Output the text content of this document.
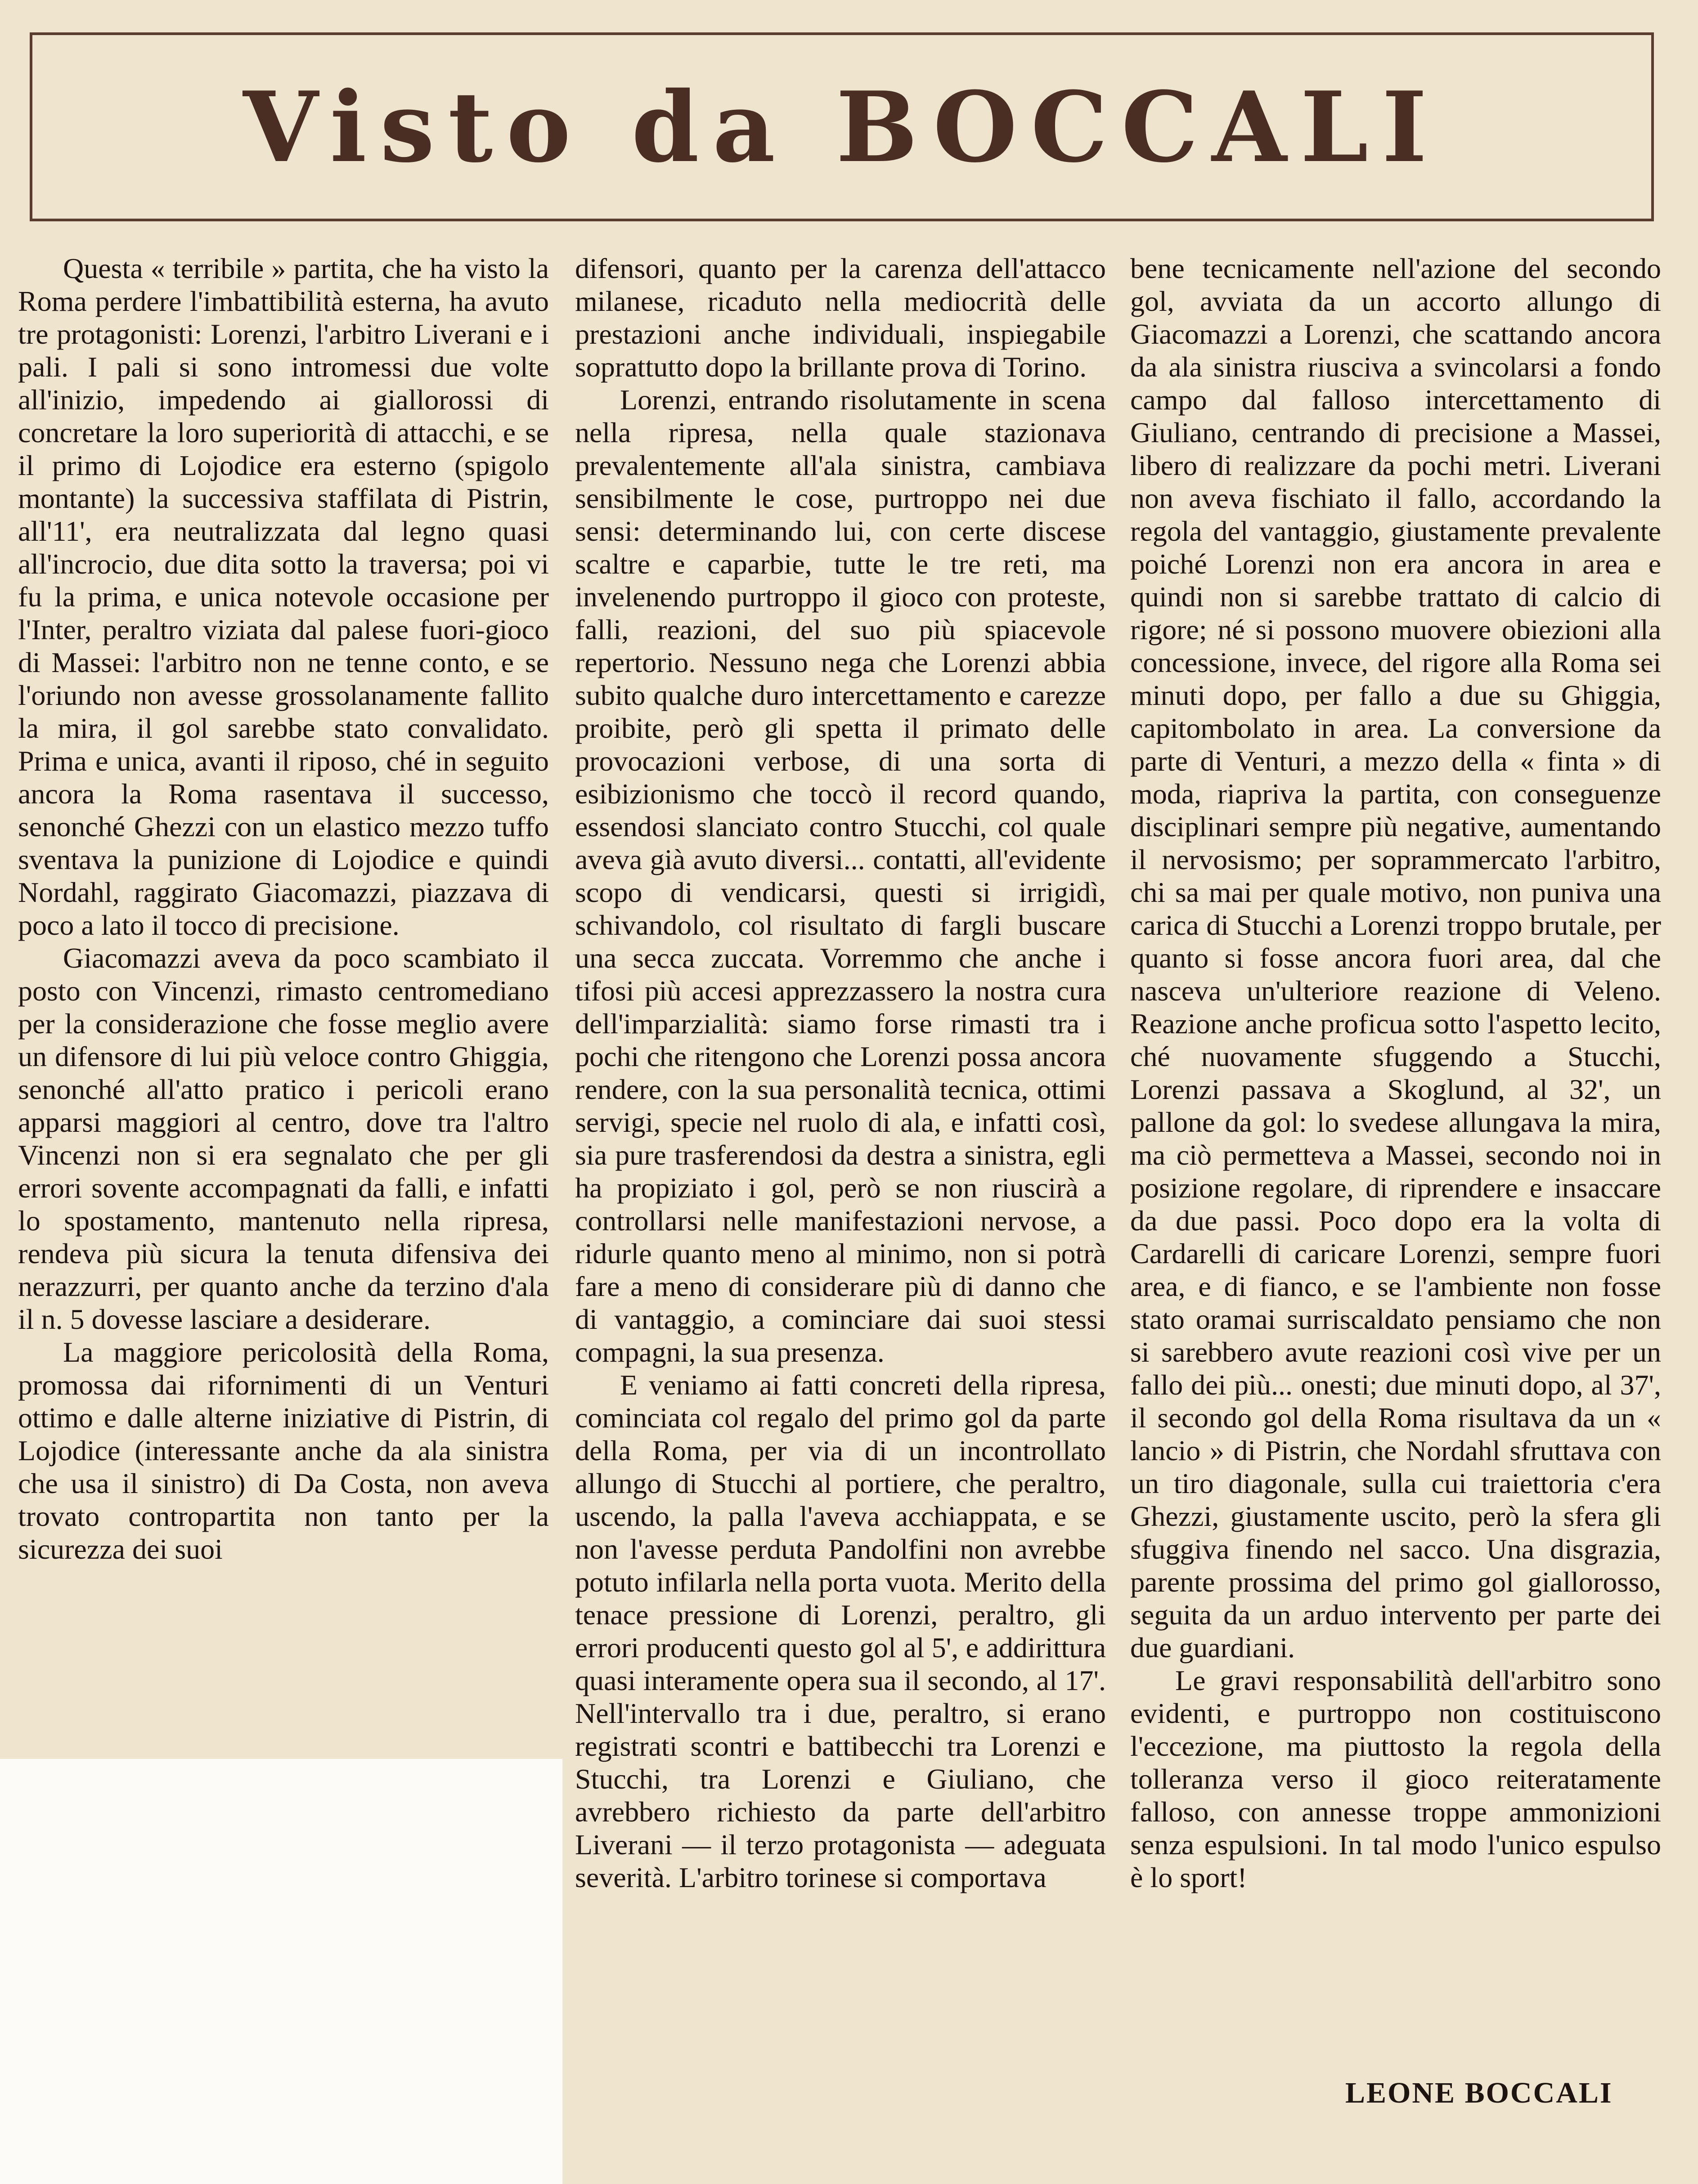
Visto da BOCCALI

Questa « terribile » partita, che ha visto la Roma perdere l'imbattibilità esterna, ha avuto tre protagonisti: Lorenzi, l'arbitro Liverani e i pali. I pali si sono intromessi due volte all'inizio, impedendo ai giallorossi di concretare la loro superiorità di attacchi, e se il primo di Lojodice era esterno (spigolo montante) la successiva staffilata di Pistrin, all'11', era neutralizzata dal legno quasi all'incrocio, due dita sotto la traversa; poi vi fu la prima, e unica notevole occasione per l'Inter, peraltro viziata dal palese fuori-gioco di Massei: l'arbitro non ne tenne conto, e se l'oriundo non avesse grossolanamente fallito la mira, il gol sarebbe stato convalidato. Prima e unica, avanti il riposo, ché in seguito ancora la Roma rasentava il successo, senonché Ghezzi con un elastico mezzo tuffo sventava la punizione di Lojodice e quindi Nordahl, raggirato Giacomazzi, piazzava di poco a lato il tocco di precisione.

Giacomazzi aveva da poco scambiato il posto con Vincenzi, rimasto centromediano per la considerazione che fosse meglio avere un difensore di lui più veloce contro Ghiggia, senonché all'atto pratico i pericoli erano apparsi maggiori al centro, dove tra l'altro Vincenzi non si era segnalato che per gli errori sovente accompagnati da falli, e infatti lo spostamento, mantenuto nella ripresa, rendeva più sicura la tenuta difensiva dei nerazzurri, per quanto anche da terzino d'ala il n. 5 dovesse lasciare a desiderare.

La maggiore pericolosità della Roma, promossa dai rifornimenti di un Venturi ottimo e dalle alterne iniziative di Pistrin, di Lojodice (interessante anche da ala sinistra che usa il sinistro) di Da Costa, non aveva trovato contropartita non tanto per la sicurezza dei suoi

difensori, quanto per la carenza dell'attacco milanese, ricaduto nella mediocrità delle prestazioni anche individuali, inspiegabile soprattutto dopo la brillante prova di Torino.

Lorenzi, entrando risolutamente in scena nella ripresa, nella quale stazionava prevalentemente all'ala sinistra, cambiava sensibilmente le cose, purtroppo nei due sensi: determinando lui, con certe discese scaltre e caparbie, tutte le tre reti, ma invelenendo purtroppo il gioco con proteste, falli, reazioni, del suo più spiacevole repertorio. Nessuno nega che Lorenzi abbia subito qualche duro intercettamento e carezze proibite, però gli spetta il primato delle provocazioni verbose, di una sorta di esibizionismo che toccò il record quando, essendosi slanciato contro Stucchi, col quale aveva già avuto diversi... contatti, all'evidente scopo di vendicarsi, questi si irrigidì, schivandolo, col risultato di fargli buscare una secca zuccata. Vorremmo che anche i tifosi più accesi apprezzassero la nostra cura dell'imparzialità: siamo forse rimasti tra i pochi che ritengono che Lorenzi possa ancora rendere, con la sua personalità tecnica, ottimi servigi, specie nel ruolo di ala, e infatti così, sia pure trasferendosi da destra a sinistra, egli ha propiziato i gol, però se non riuscirà a controllarsi nelle manifestazioni nervose, a ridurle quanto meno al minimo, non si potrà fare a meno di considerare più di danno che di vantaggio, a cominciare dai suoi stessi compagni, la sua presenza.

E veniamo ai fatti concreti della ripresa, cominciata col regalo del primo gol da parte della Roma, per via di un incontrollato allungo di Stucchi al portiere, che peraltro, uscendo, la palla l'aveva acchiappata, e se non l'avesse perduta Pandolfini non avrebbe potuto infilarla nella porta vuota. Merito della tenace pressione di Lorenzi, peraltro, gli errori producenti questo gol al 5', e addirittura quasi interamente opera sua il secondo, al 17'. Nell'intervallo tra i due, peraltro, si erano registrati scontri e battibecchi tra Lorenzi e Stucchi, tra Lorenzi e Giuliano, che avrebbero richiesto da parte dell'arbitro Liverani — il terzo protagonista — adeguata severità. L'arbitro torinese si comportava

bene tecnicamente nell'azione del secondo gol, avviata da un accorto allungo di Giacomazzi a Lorenzi, che scattando ancora da ala sinistra riusciva a svincolarsi a fondo campo dal falloso intercettamento di Giuliano, centrando di precisione a Massei, libero di realizzare da pochi metri. Liverani non aveva fischiato il fallo, accordando la regola del vantaggio, giustamente prevalente poiché Lorenzi non era ancora in area e quindi non si sarebbe trattato di calcio di rigore; né si possono muovere obiezioni alla concessione, invece, del rigore alla Roma sei minuti dopo, per fallo a due su Ghiggia, capitombolato in area. La conversione da parte di Venturi, a mezzo della « finta » di moda, riapriva la partita, con conseguenze disciplinari sempre più negative, aumentando il nervosismo; per soprammercato l'arbitro, chi sa mai per quale motivo, non puniva una carica di Stucchi a Lorenzi troppo brutale, per quanto si fosse ancora fuori area, dal che nasceva un'ulteriore reazione di Veleno. Reazione anche proficua sotto l'aspetto lecito, ché nuovamente sfuggendo a Stucchi, Lorenzi passava a Skoglund, al 32', un pallone da gol: lo svedese allungava la mira, ma ciò permetteva a Massei, secondo noi in posizione regolare, di riprendere e insaccare da due passi. Poco dopo era la volta di Cardarelli di caricare Lorenzi, sempre fuori area, e di fianco, e se l'ambiente non fosse stato oramai surriscaldato pensiamo che non si sarebbero avute reazioni così vive per un fallo dei più... onesti; due minuti dopo, al 37', il secondo gol della Roma risultava da un « lancio » di Pistrin, che Nordahl sfruttava con un tiro diagonale, sulla cui traiettoria c'era Ghezzi, giustamente uscito, però la sfera gli sfuggiva finendo nel sacco. Una disgrazia, parente prossima del primo gol giallorosso, seguita da un arduo intervento per parte dei due guardiani.

Le gravi responsabilità dell'arbitro sono evidenti, e purtroppo non costituiscono l'eccezione, ma piuttosto la regola della tolleranza verso il gioco reiteratamente falloso, con annesse troppe ammonizioni senza espulsioni. In tal modo l'unico espulso è lo sport!

LEONE BOCCALI
